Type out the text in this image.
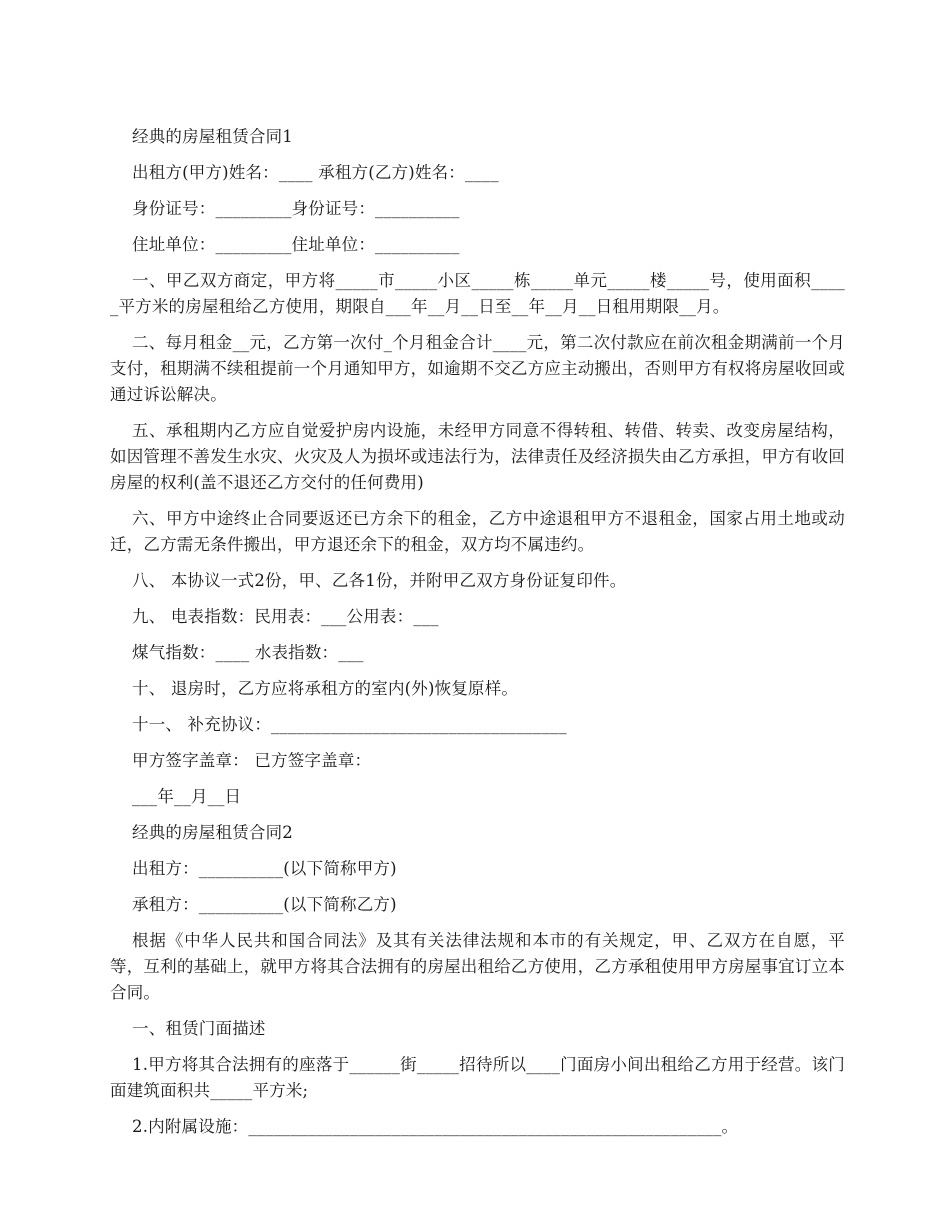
经典的房屋租赁合同1

出租方(甲方)姓名：____ 承租方(乙方)姓名：____

身份证号：_________身份证号：__________

住址单位：_________住址单位：__________

一、甲乙双方商定，甲方将_____市_____小区_____栋_____单元_____楼_____号，使用面积_____平方米的房屋租给乙方使用，期限自___年__月__日至__年__月__日租用期限__月。

二、每月租金__元，乙方第一次付_个月租金合计____元，第二次付款应在前次租金期满前一个月支付，租期满不续租提前一个月通知甲方，如逾期不交乙方应主动搬出，否则甲方有权将房屋收回或通过诉讼解决。

五、承租期内乙方应自觉爱护房内设施，未经甲方同意不得转租、转借、转卖、改变房屋结构，如因管理不善发生水灾、火灾及人为损坏或违法行为，法律责任及经济损失由乙方承担，甲方有收回房屋的权利(盖不退还乙方交付的任何费用)

六、甲方中途终止合同要返还已方余下的租金，乙方中途退租甲方不退租金，国家占用土地或动迁，乙方需无条件搬出，甲方退还余下的租金，双方均不属违约。

八、 本协议一式2份，甲、乙各1份，并附甲乙双方身份证复印件。

九、 电表指数：民用表：___公用表：___

煤气指数：____ 水表指数：___

十、 退房时，乙方应将承租方的室内(外)恢复原样。

十一、 补充协议：___________________________________

甲方签字盖章： 已方签字盖章：

___年__月__日

经典的房屋租赁合同2

出租方：__________(以下简称甲方)

承租方：__________(以下简称乙方)

根据《中华人民共和国合同法》及其有关法律法规和本市的有关规定，甲、乙双方在自愿，平等，互利的基础上，就甲方将其合法拥有的房屋出租给乙方使用，乙方承租使用甲方房屋事宜订立本合同。

一、租赁门面描述

1.甲方将其合法拥有的座落于______街_____招待所以____门面房小间出租给乙方用于经营。该门面建筑面积共_____平方米;

2.内附属设施：________________________________________________________。
